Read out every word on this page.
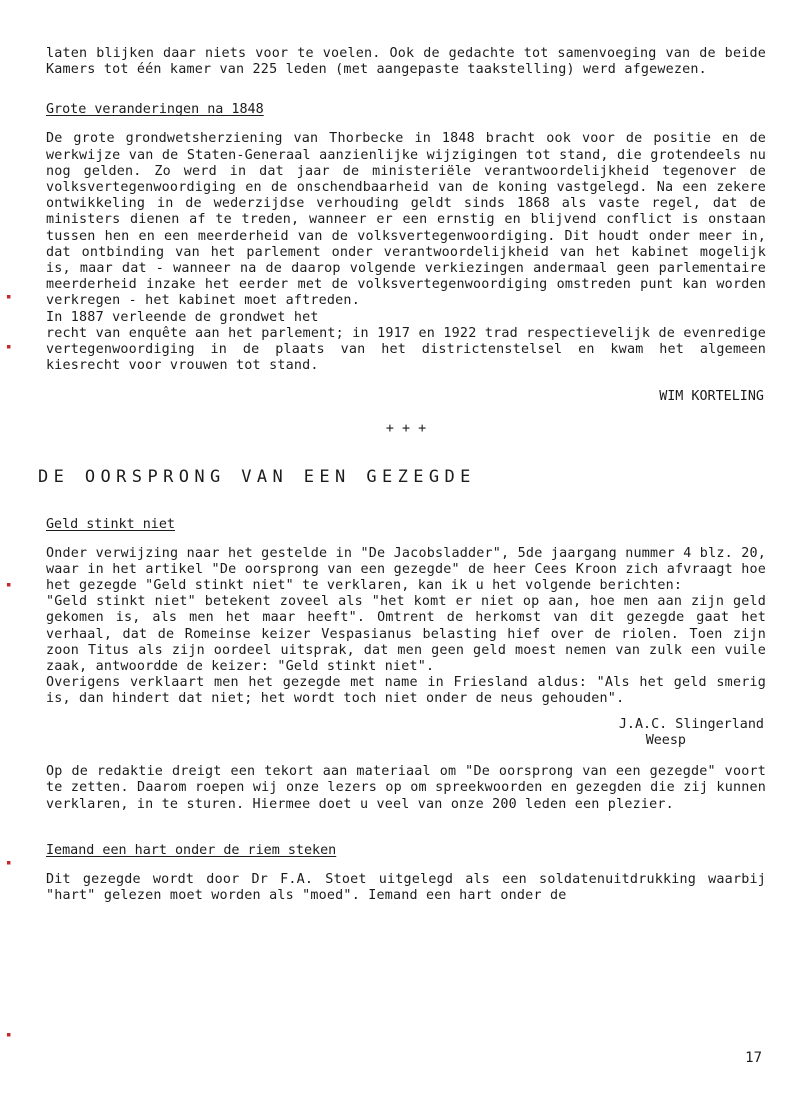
laten blijken daar niets voor te voelen. Ook de gedachte tot samenvoeging van de beide Kamers tot één kamer van 225 leden (met aangepaste taakstelling) werd afgewezen.

Grote veranderingen na 1848

De grote grondwetsherziening van Thorbecke in 1848 bracht ook voor de positie en de werkwijze van de Staten-Generaal aanzienlijke wijzigingen tot stand, die grotendeels nu nog gelden. Zo werd in dat jaar de ministeriële verantwoordelijkheid tegenover de volksvertegenwoordiging en de onschendbaarheid van de koning vastgelegd. Na een zekere ontwikkeling in de wederzijdse verhouding geldt sinds 1868 als vaste regel, dat de ministers dienen af te treden, wanneer er een ernstig en blijvend conflict is onstaan tussen hen en een meerderheid van de volksvertegenwoordiging. Dit houdt onder meer in, dat ontbinding van het parlement onder verantwoordelijkheid van het kabinet mogelijk is, maar dat - wanneer na de daarop volgende verkiezingen andermaal geen parlementaire meerderheid inzake het eerder met de volksvertegenwoordiging omstreden punt kan worden verkregen - het kabinet moet aftreden.

In 1887 verleende de grondwet het

recht van enquête aan het parlement; in 1917 en 1922 trad respectievelijk de evenredige vertegenwoordiging in de plaats van het districtenstelsel en kwam het algemeen kiesrecht voor vrouwen tot stand.

WIM KORTELING

+ + +

DE OORSPRONG VAN EEN GEZEGDE

Geld stinkt niet

Onder verwijzing naar het gestelde in "De Jacobsladder", 5de jaargang nummer 4 blz. 20, waar in het artikel "De oorsprong van een gezegde" de heer Cees Kroon zich afvraagt hoe het gezegde "Geld stinkt niet" te verklaren, kan ik u het volgende berichten:

"Geld stinkt niet" betekent zoveel als "het komt er niet op aan, hoe men aan zijn geld gekomen is, als men het maar heeft". Omtrent de herkomst van dit gezegde gaat het verhaal, dat de Romeinse keizer Vespasianus belasting hief over de riolen. Toen zijn zoon Titus als zijn oordeel uitsprak, dat men geen geld moest nemen van zulk een vuile zaak, antwoordde de keizer: "Geld stinkt niet".

Overigens verklaart men het gezegde met name in Friesland aldus: "Als het geld smerig is, dan hindert dat niet; het wordt toch niet onder de neus gehouden".

J.A.C. Slingerland

Weesp

Op de redaktie dreigt een tekort aan materiaal om "De oorsprong van een gezegde" voort te zetten. Daarom roepen wij onze lezers op om spreekwoorden en gezegden die zij kunnen verklaren, in te sturen. Hiermee doet u veel van onze 200 leden een plezier.

Iemand een hart onder de riem steken

Dit gezegde wordt door Dr F.A. Stoet uitgelegd als een soldatenuitdrukking waarbij "hart" gelezen moet worden als "moed". Iemand een hart onder de

17
▪
▪
▪
▪
▪
